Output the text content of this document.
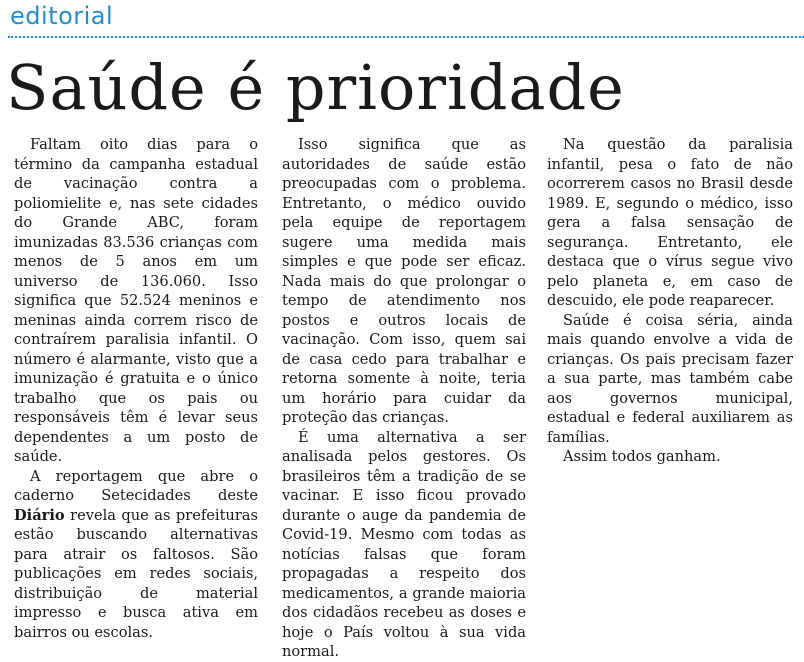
editorial
Saúde é prioridade

Faltam oito dias para o término da campanha estadual de vacinação contra a poliomielite e, nas sete cidades do Grande ABC, foram imunizadas 83.536 crianças com menos de 5 anos em um universo de 136.060. Isso significa que 52.524 meninos e meninas ainda correm risco de contraírem paralisia infantil. O número é alarmante, visto que a imunização é gratuita e o único trabalho que os pais ou responsáveis têm é levar seus dependentes a um posto de saúde.

A reportagem que abre o caderno Setecidades deste Diário revela que as prefeituras estão buscando alternativas para atrair os faltosos. São publicações em redes sociais, distribuição de material impresso e busca ativa em bairros ou escolas.

Isso significa que as autoridades de saúde estão preocupadas com o problema. Entretanto, o médico ouvido pela equipe de reportagem sugere uma medida mais simples e que pode ser eficaz. Nada mais do que prolongar o tempo de atendimento nos postos e outros locais de vacinação. Com isso, quem sai de casa cedo para trabalhar e retorna somente à noite, teria um horário para cuidar da proteção das crianças.

É uma alternativa a ser analisada pelos gestores. Os brasileiros têm a tradição de se vacinar. E isso ficou provado durante o auge da pandemia de Covid-19. Mesmo com todas as notícias falsas que foram propagadas a respeito dos medicamentos, a grande maioria dos cidadãos recebeu as doses e hoje o País voltou à sua vida normal.

Na questão da paralisia infantil, pesa o fato de não ocorrerem casos no Brasil desde 1989. E, segundo o médico, isso gera a falsa sensação de segurança. Entretanto, ele destaca que o vírus segue vivo pelo planeta e, em caso de descuido, ele pode reaparecer.

Saúde é coisa séria, ainda mais quando envolve a vida de crianças. Os pais precisam fazer a sua parte, mas também cabe aos governos municipal, estadual e federal auxiliarem as famílias.

Assim todos ganham.
